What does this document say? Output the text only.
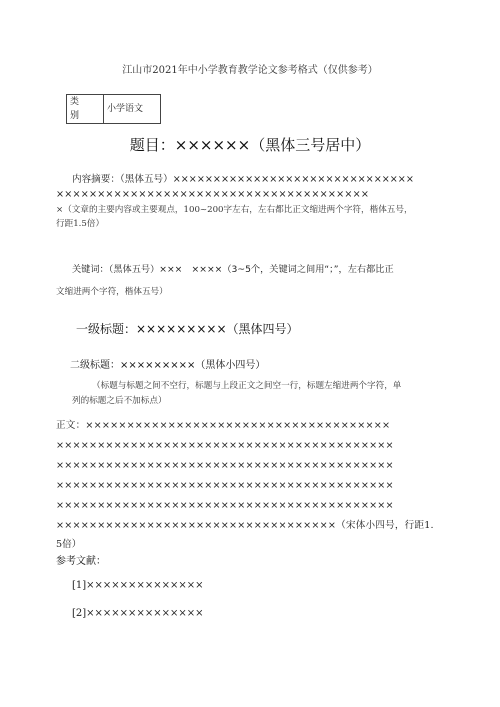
江山市2021年中小学教育教学论文参考格式（仅供参考）
类 别	小学语文
题目：××××××（黑体三号居中）
内容摘要：（黑体五号）××××××××××××××××××××××××××××××
××××××××××××××××××××××××××××××××××××××
×（文章的主要内容或主要观点，100~200字左右，左右都比正文缩进两个字符，楷体五号，
行距1.5倍）
关键词：（黑体五号）×××　××××（3~5个，关键词之间用“；”，左右都比正
文缩进两个字符，楷体五号）
一级标题：×××××××××（黑体四号）
二级标题：×××××××××（黑体小四号）
（标题与标题之间不空行，标题与上段正文之间空一行，标题左缩进两个字符，单
列的标题之后不加标点）
正文：×××××××××××××××××××××××××××××××××××××
×××××××××××××××××××××××××××××××××××××××××
×××××××××××××××××××××××××××××××××××××××××
×××××××××××××××××××××××××××××××××××××××××
×××××××××××××××××××××××××××××××××××××××××
××××××××××××××××××××××××××××××××××（宋体小四号，行距1.
5倍）
参考文献：
[1]××××××××××××××
[2]××××××××××××××
